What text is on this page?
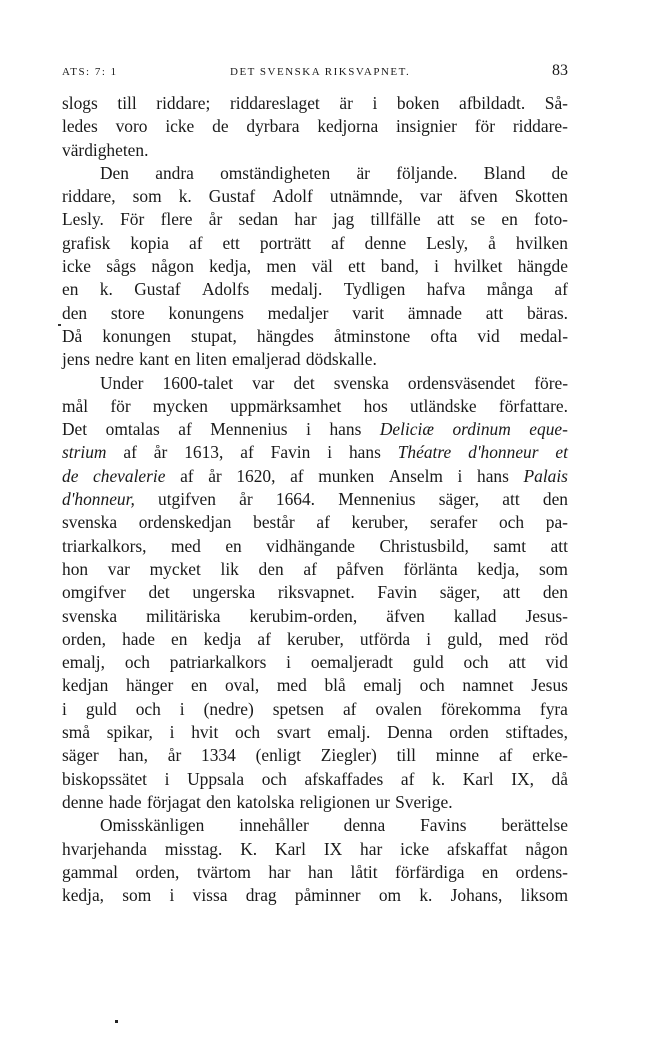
ATS: 7: 1	DET SVENSKA RIKSVAPNET.	83
slogs till riddare; riddareslaget är i boken afbildadt. Så-
ledes voro icke de dyrbara kedjorna insignier för riddare-
värdigheten.
Den andra omständigheten är följande. Bland de
riddare, som k. Gustaf Adolf utnämnde, var äfven Skotten
Lesly. För flere år sedan har jag tillfälle att se en foto-
grafisk kopia af ett porträtt af denne Lesly, å hvilken
icke sågs någon kedja, men väl ett band, i hvilket hängde
en k. Gustaf Adolfs medalj. Tydligen hafva många af
den store konungens medaljer varit ämnade att bäras.
Då konungen stupat, hängdes åtminstone ofta vid medal-
jens nedre kant en liten emaljerad dödskalle.
Under 1600-talet var det svenska ordensväsendet före-
mål för mycken uppmärksamhet hos utländske författare.
Det omtalas af Mennenius i hans Deliciæ ordinum eque-
strium af år 1613, af Favin i hans Théatre d'honneur et
de chevalerie af år 1620, af munken Anselm i hans Palais
d'honneur, utgifven år 1664. Mennenius säger, att den
svenska ordenskedjan består af keruber, serafer och pa-
triarkalkors, med en vidhängande Christusbild, samt att
hon var mycket lik den af påfven förlänta kedja, som
omgifver det ungerska riksvapnet. Favin säger, att den
svenska militäriska kerubim-orden, äfven kallad Jesus-
orden, hade en kedja af keruber, utförda i guld, med röd
emalj, och patriarkalkors i oemaljeradt guld och att vid
kedjan hänger en oval, med blå emalj och namnet Jesus
i guld och i (nedre) spetsen af ovalen förekomma fyra
små spikar, i hvit och svart emalj. Denna orden stiftades,
säger han, år 1334 (enligt Ziegler) till minne af erke-
biskopssätet i Uppsala och afskaffades af k. Karl IX, då
denne hade förjagat den katolska religionen ur Sverige.
Omisskänligen innehåller denna Favins berättelse
hvarjehanda misstag. K. Karl IX har icke afskaffat någon
gammal orden, tvärtom har han låtit förfärdiga en ordens-
kedja, som i vissa drag påminner om k. Johans, liksom
